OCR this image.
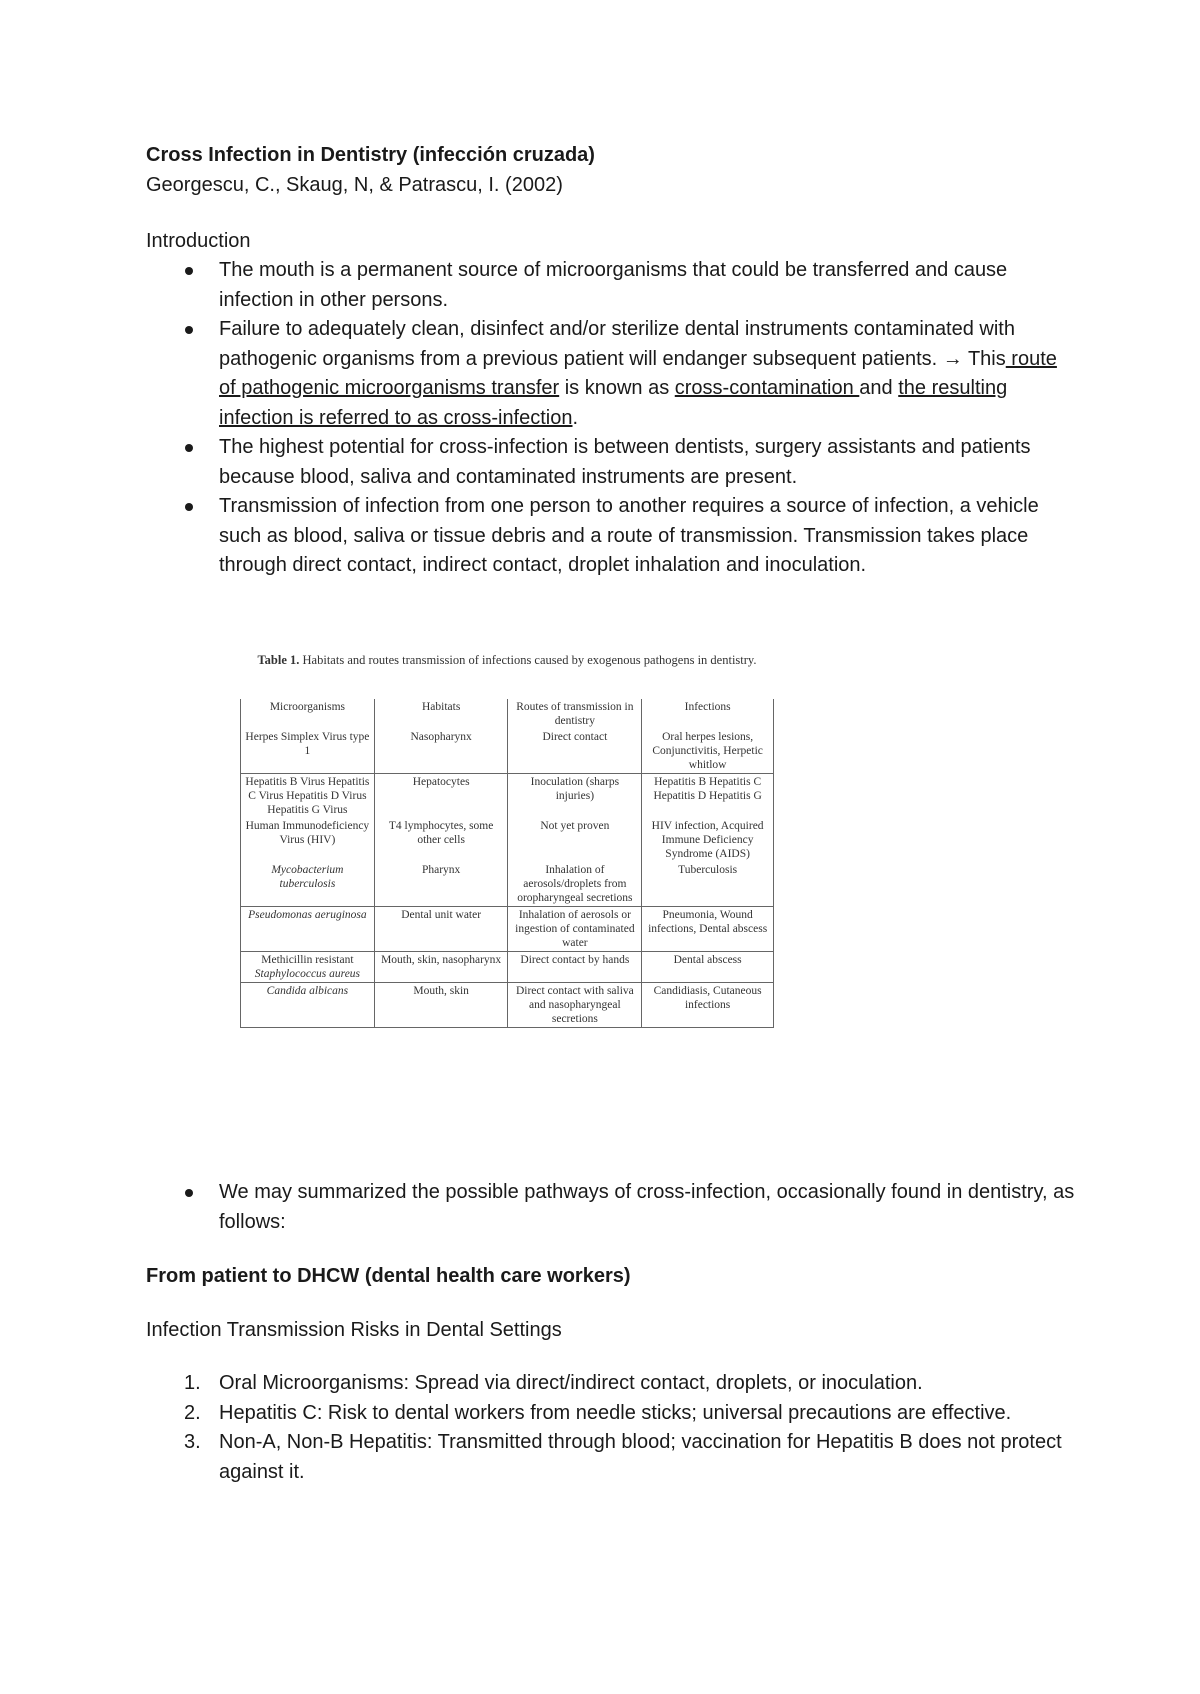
Cross Infection in Dentistry (infección cruzada)

Georgescu, C., Skaug, N, & Patrascu, I. (2002)

Introduction

The mouth is a permanent source of microorganisms that could be transferred and cause infection in other persons.
Failure to adequately clean, disinfect and/or sterilize dental instruments contaminated with pathogenic organisms from a previous patient will endanger subsequent patients. → This route of pathogenic microorganisms transfer is known as cross-contamination and the resulting infection is referred to as cross-infection.
The highest potential for cross-infection is between dentists, surgery assistants and patients because blood, saliva and contaminated instruments are present.
Transmission of infection from one person to another requires a source of infection, a vehicle such as blood, saliva or tissue debris and a route of transmission. Transmission takes place through direct contact, indirect contact, droplet inhalation and inoculation.
Table 1. Habitats and routes transmission of infections caused by exogenous pathogens in dentistry.
Microorganisms	Habitats	Routes of transmission in dentistry	Infections
Herpes Simplex Virus type 1	Nasopharynx	Direct contact	Oral herpes lesions, Conjunctivitis, Herpetic whitlow
Hepatitis B Virus Hepatitis C Virus Hepatitis D Virus Hepatitis G Virus	Hepatocytes	Inoculation (sharps injuries)	Hepatitis B Hepatitis C Hepatitis D Hepatitis G
Human Immunodeficiency Virus (HIV)	T4 lymphocytes, some other cells	Not yet proven	HIV infection, Acquired Immune Deficiency Syndrome (AIDS)
Mycobacterium tuberculosis	Pharynx	Inhalation of aerosols/droplets from oropharyngeal secretions	Tuberculosis
Pseudomonas aeruginosa	Dental unit water	Inhalation of aerosols or ingestion of contaminated water	Pneumonia, Wound infections, Dental abscess
Methicillin resistant
Staphylococcus aureus	Mouth, skin, nasopharynx	Direct contact by hands	Dental abscess
Candida albicans	Mouth, skin	Direct contact with saliva and nasopharyngeal secretions	Candidiasis, Cutaneous infections
We may summarized the possible pathways of cross-infection, occasionally found in dentistry, as follows:

From patient to DHCW (dental health care workers)

Infection Transmission Risks in Dental Settings

1. Oral Microorganisms: Spread via direct/indirect contact, droplets, or inoculation.
2. Hepatitis C: Risk to dental workers from needle sticks; universal precautions are effective.
3. Non-A, Non-B Hepatitis: Transmitted through blood; vaccination for Hepatitis B does not protect against it.
